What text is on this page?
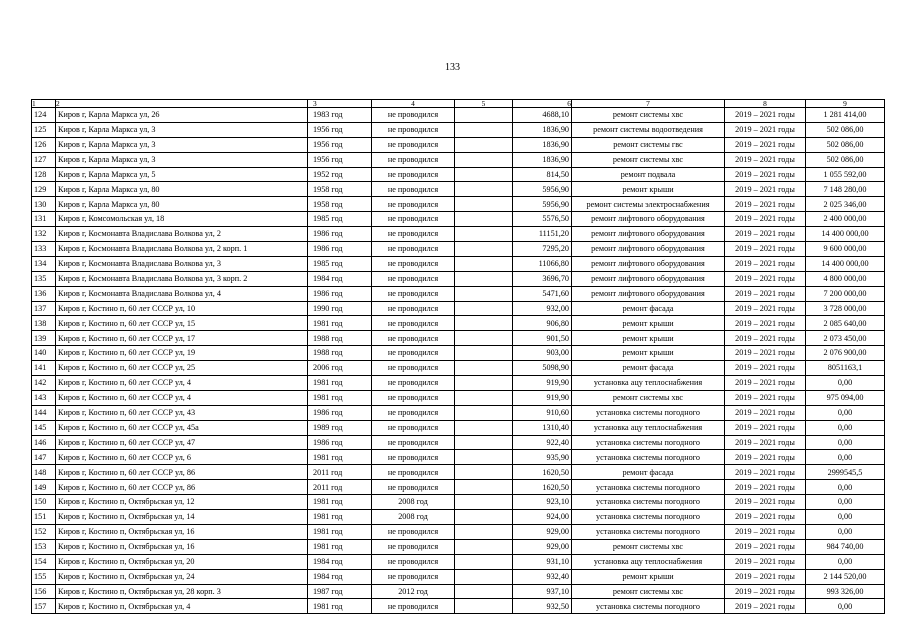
133
1	2	3	4	5	6	7	8	9
124	Киров г, Карла Маркса ул, 26	1983 год	не проводился		4688,10	ремонт системы хвс	2019 – 2021 годы	1 281 414,00
125	Киров г, Карла Маркса ул, 3	1956 год	не проводился		1836,90	ремонт системы водоотведения	2019 – 2021 годы	502 086,00
126	Киров г, Карла Маркса ул, 3	1956 год	не проводился		1836,90	ремонт системы гвс	2019 – 2021 годы	502 086,00
127	Киров г, Карла Маркса ул, 3	1956 год	не проводился		1836,90	ремонт системы хвс	2019 – 2021 годы	502 086,00
128	Киров г, Карла Маркса ул, 5	1952 год	не проводился		814,50	ремонт подвала	2019 – 2021 годы	1 055 592,00
129	Киров г, Карла Маркса ул, 80	1958 год	не проводился		5956,90	ремонт крыши	2019 – 2021 годы	7 148 280,00
130	Киров г, Карла Маркса ул, 80	1958 год	не проводился		5956,90	ремонт системы электроснабжения	2019 – 2021 годы	2 025 346,00
131	Киров г, Комсомольская ул, 18	1985 год	не проводился		5576,50	ремонт лифтового оборудования	2019 – 2021 годы	2 400 000,00
132	Киров г, Космонавта Владислава Волкова ул, 2	1986 год	не проводился		11151,20	ремонт лифтового оборудования	2019 – 2021 годы	14 400 000,00
133	Киров г, Космонавта Владислава Волкова ул, 2 корп. 1	1986 год	не проводился		7295,20	ремонт лифтового оборудования	2019 – 2021 годы	9 600 000,00
134	Киров г, Космонавта Владислава Волкова ул, 3	1985 год	не проводился		11066,80	ремонт лифтового оборудования	2019 – 2021 годы	14 400 000,00
135	Киров г, Космонавта Владислава Волкова ул, 3 корп. 2	1984 год	не проводился		3696,70	ремонт лифтового оборудования	2019 – 2021 годы	4 800 000,00
136	Киров г, Космонавта Владислава Волкова ул, 4	1986 год	не проводился		5471,60	ремонт лифтового оборудования	2019 – 2021 годы	7 200 000,00
137	Киров г, Костино п, 60 лет СССР ул, 10	1990 год	не проводился		932,00	ремонт фасада	2019 – 2021 годы	3 728 000,00
138	Киров г, Костино п, 60 лет СССР ул, 15	1981 год	не проводился		906,80	ремонт крыши	2019 – 2021 годы	2 085 640,00
139	Киров г, Костино п, 60 лет СССР ул, 17	1988 год	не проводился		901,50	ремонт крыши	2019 – 2021 годы	2 073 450,00
140	Киров г, Костино п, 60 лет СССР ул, 19	1988 год	не проводился		903,00	ремонт крыши	2019 – 2021 годы	2 076 900,00
141	Киров г, Костино п, 60 лет СССР ул, 25	2006 год	не проводился		5098,90	ремонт фасада	2019 – 2021 годы	8051163,1
142	Киров г, Костино п, 60 лет СССР ул, 4	1981 год	не проводился		919,90	установка ацу теплоснабжения	2019 – 2021 годы	0,00
143	Киров г, Костино п, 60 лет СССР ул, 4	1981 год	не проводился		919,90	ремонт системы хвс	2019 – 2021 годы	975 094,00
144	Киров г, Костино п, 60 лет СССР ул, 43	1986 год	не проводился		910,60	установка системы погодного	2019 – 2021 годы	0,00
145	Киров г, Костино п, 60 лет СССР ул, 45а	1989 год	не проводился		1310,40	установка ацу теплоснабжения	2019 – 2021 годы	0,00
146	Киров г, Костино п, 60 лет СССР ул, 47	1986 год	не проводился		922,40	установка системы погодного	2019 – 2021 годы	0,00
147	Киров г, Костино п, 60 лет СССР ул, 6	1981 год	не проводился		935,90	установка системы погодного	2019 – 2021 годы	0,00
148	Киров г, Костино п, 60 лет СССР ул, 86	2011 год	не проводился		1620,50	ремонт фасада	2019 – 2021 годы	2999545,5
149	Киров г, Костино п, 60 лет СССР ул, 86	2011 год	не проводился		1620,50	установка системы погодного	2019 – 2021 годы	0,00
150	Киров г, Костино п, Октябрьская ул, 12	1981 год	2008 год		923,10	установка системы погодного	2019 – 2021 годы	0,00
151	Киров г, Костино п, Октябрьская ул, 14	1981 год	2008 год		924,00	установка системы погодного	2019 – 2021 годы	0,00
152	Киров г, Костино п, Октябрьская ул, 16	1981 год	не проводился		929,00	установка системы погодного	2019 – 2021 годы	0,00
153	Киров г, Костино п, Октябрьская ул, 16	1981 год	не проводился		929,00	ремонт системы хвс	2019 – 2021 годы	984 740,00
154	Киров г, Костино п, Октябрьская ул, 20	1984 год	не проводился		931,10	установка ацу теплоснабжения	2019 – 2021 годы	0,00
155	Киров г, Костино п, Октябрьская ул, 24	1984 год	не проводился		932,40	ремонт крыши	2019 – 2021 годы	2 144 520,00
156	Киров г, Костино п, Октябрьская ул, 28 корп. 3	1987 год	2012 год		937,10	ремонт системы хвс	2019 – 2021 годы	993 326,00
157	Киров г, Костино п, Октябрьская ул, 4	1981 год	не проводился		932,50	установка системы погодного	2019 – 2021 годы	0,00
